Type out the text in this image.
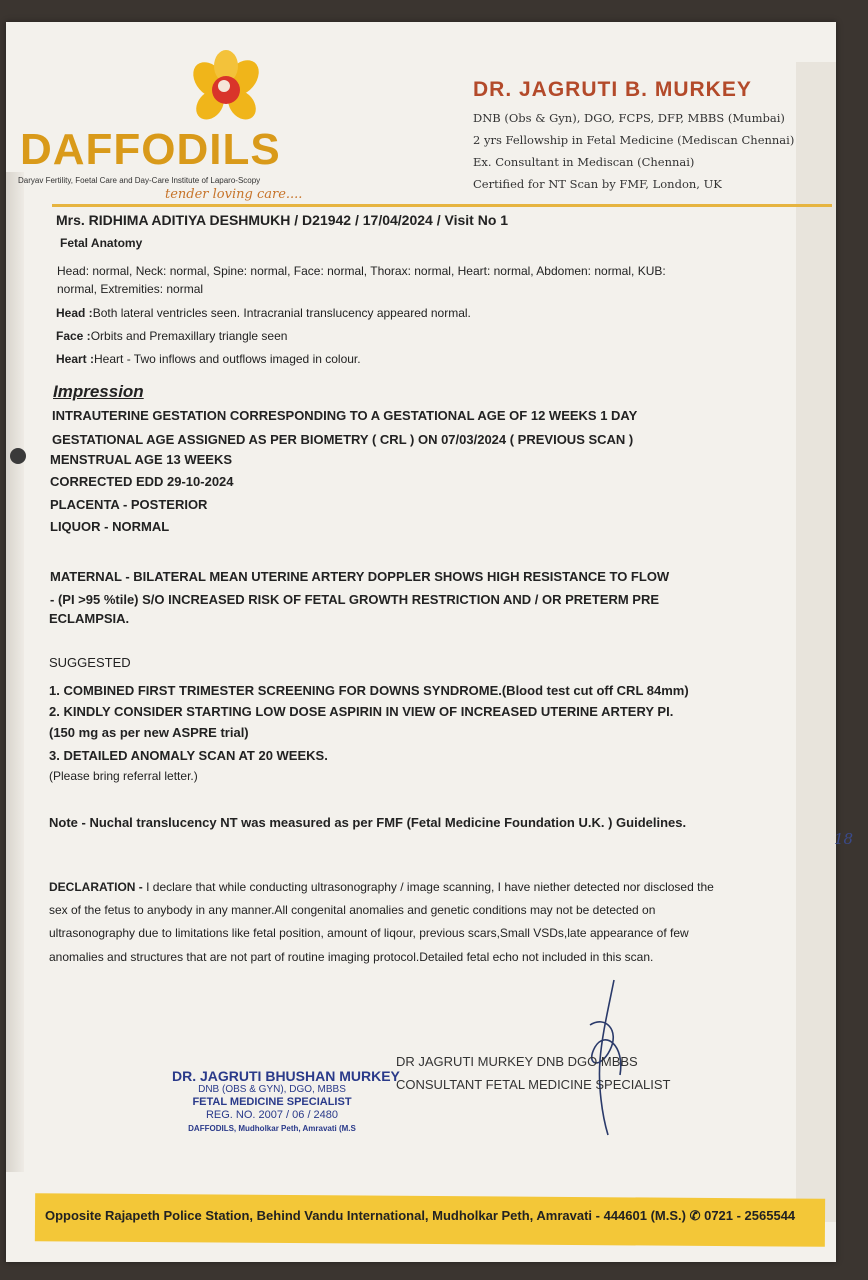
DAFFODILS
Daryav Fertility, Foetal Care and Day-Care Institute of Laparo-Scopy
tender loving care....
DR. JAGRUTI B. MURKEY
DNB (Obs & Gyn), DGO, FCPS, DFP, MBBS (Mumbai)
2 yrs Fellowship in Fetal Medicine (Mediscan Chennai)
Ex. Consultant in Mediscan (Chennai)
Certified for NT Scan by FMF, London, UK
Mrs. RIDHIMA ADITIYA DESHMUKH / D21942 / 17/04/2024 / Visit No 1
Fetal Anatomy
Head: normal, Neck: normal, Spine: normal, Face: normal, Thorax: normal, Heart: normal, Abdomen: normal, KUB:
normal, Extremities: normal
Head :Both lateral ventricles seen. Intracranial translucency appeared normal.
Face :Orbits and Premaxillary triangle seen
Heart :Heart - Two inflows and outflows imaged in colour.
Impression
INTRAUTERINE GESTATION CORRESPONDING TO A GESTATIONAL AGE OF 12 WEEKS 1 DAY
GESTATIONAL AGE ASSIGNED AS PER BIOMETRY ( CRL ) ON 07/03/2024 ( PREVIOUS SCAN )
MENSTRUAL AGE 13 WEEKS
CORRECTED EDD 29-10-2024
PLACENTA - POSTERIOR
LIQUOR - NORMAL
MATERNAL - BILATERAL MEAN UTERINE ARTERY DOPPLER SHOWS HIGH RESISTANCE TO FLOW
- (PI >95 %tile) S/O INCREASED RISK OF FETAL GROWTH RESTRICTION AND / OR PRETERM PRE
ECLAMPSIA.
SUGGESTED
1. COMBINED FIRST TRIMESTER SCREENING FOR DOWNS SYNDROME.(Blood test cut off CRL 84mm)
2. KINDLY CONSIDER STARTING LOW DOSE ASPIRIN IN VIEW OF INCREASED UTERINE ARTERY PI.
(150 mg as per new ASPRE trial)
3. DETAILED ANOMALY SCAN AT 20 WEEKS.
(Please bring referral letter.)
Note - Nuchal translucency NT was measured as per FMF (Fetal Medicine Foundation U.K. ) Guidelines.
DECLARATION - I declare that while conducting ultrasonography / image scanning, I have niether detected nor disclosed the
sex of the fetus to anybody in any manner.All congenital anomalies and genetic conditions may not be detected on
ultrasonography due to limitations like fetal position, amount of liqour, previous scars,Small VSDs,late appearance of few
anomalies and structures that are not part of routine imaging protocol.Detailed fetal echo not included in this scan.
18
DR JAGRUTI MURKEY DNB DGO MBBS
CONSULTANT FETAL MEDICINE SPECIALIST
DR. JAGRUTI BHUSHAN MURKEY
DNB (OBS & GYN), DGO, MBBS
FETAL MEDICINE SPECIALIST
REG. NO. 2007 / 06 / 2480
DAFFODILS, Mudholkar Peth, Amravati (M.S
Opposite Rajapeth Police Station, Behind Vandu International, Mudholkar Peth, Amravati - 444601 (M.S.) ✆ 0721 - 2565544
